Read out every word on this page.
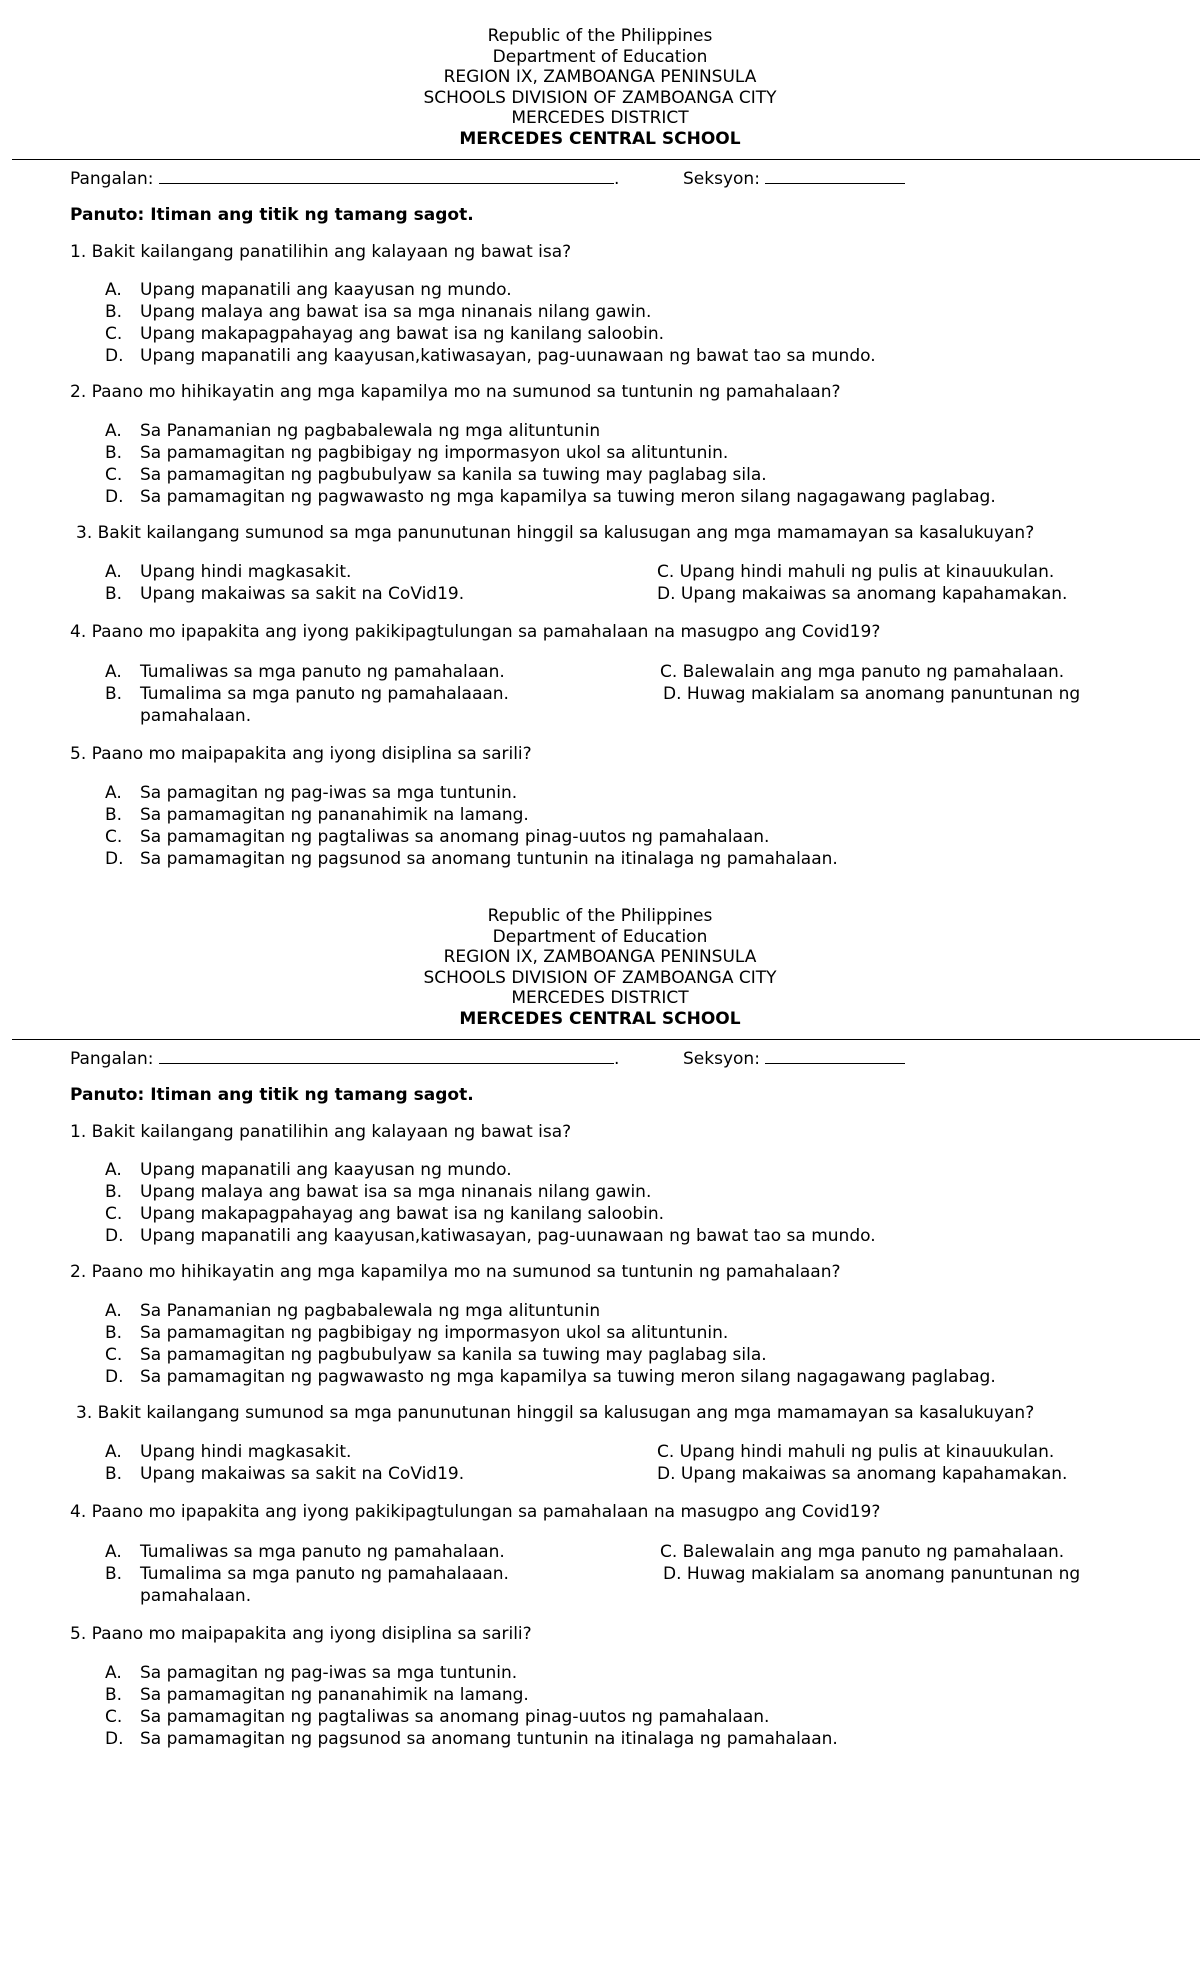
Republic of the Philippines
Department of Education
REGION IX, ZAMBOANGA PENINSULA
SCHOOLS DIVISION OF ZAMBOANGA CITY
MERCEDES DISTRICT
MERCEDES CENTRAL SCHOOL
Pangalan:	.	Seksyon:
Panuto: Itiman ang titik ng tamang sagot.
1. Bakit kailangang panatilihin ang kalayaan ng bawat isa?
A. Upang mapanatili ang kaayusan ng mundo.
B. Upang malaya ang bawat isa sa mga ninanais nilang gawin.
C. Upang makapagpahayag ang bawat isa ng kanilang saloobin.
D. Upang mapanatili ang kaayusan,katiwasayan, pag-uunawaan ng bawat tao sa mundo.
2. Paano mo hihikayatin ang mga kapamilya mo na sumunod sa tuntunin ng pamahalaan?
A. Sa Panamanian ng pagbabalewala ng mga alituntunin
B. Sa pamamagitan ng pagbibigay ng impormasyon ukol sa alituntunin.
C. Sa pamamagitan ng pagbubulyaw sa kanila sa tuwing may paglabag sila.
D. Sa pamamagitan ng pagwawasto ng mga kapamilya sa tuwing meron silang nagagawang paglabag.
3. Bakit kailangang sumunod sa mga panunutunan hinggil sa kalusugan ang mga mamamayan sa kasalukuyan?
A. Upang hindi magkasakit.
B. Upang makaiwas sa sakit na CoVid19.
C. Upang hindi mahuli ng pulis at kinauukulan.
D. Upang makaiwas sa anomang kapahamakan.
4. Paano mo ipapakita ang iyong pakikipagtulungan sa pamahalaan na masugpo ang Covid19?
A. Tumaliwas sa mga panuto ng pamahalaan.
B. Tumalima sa mga panuto ng pamahalaaan.
pamahalaan.
C. Balewalain ang mga panuto ng pamahalaan.
D. Huwag makialam sa anomang panuntunan ng
5. Paano mo maipapakita ang iyong disiplina sa sarili?
A. Sa pamagitan ng pag-iwas sa mga tuntunin.
B. Sa pamamagitan ng pananahimik na lamang.
C. Sa pamamagitan ng pagtaliwas sa anomang pinag-uutos ng pamahalaan.
D. Sa pamamagitan ng pagsunod sa anomang tuntunin na itinalaga ng pamahalaan.
Republic of the Philippines
Department of Education
REGION IX, ZAMBOANGA PENINSULA
SCHOOLS DIVISION OF ZAMBOANGA CITY
MERCEDES DISTRICT
MERCEDES CENTRAL SCHOOL
Pangalan:	.	Seksyon:
Panuto: Itiman ang titik ng tamang sagot.
1. Bakit kailangang panatilihin ang kalayaan ng bawat isa?
A. Upang mapanatili ang kaayusan ng mundo.
B. Upang malaya ang bawat isa sa mga ninanais nilang gawin.
C. Upang makapagpahayag ang bawat isa ng kanilang saloobin.
D. Upang mapanatili ang kaayusan,katiwasayan, pag-uunawaan ng bawat tao sa mundo.
2. Paano mo hihikayatin ang mga kapamilya mo na sumunod sa tuntunin ng pamahalaan?
A. Sa Panamanian ng pagbabalewala ng mga alituntunin
B. Sa pamamagitan ng pagbibigay ng impormasyon ukol sa alituntunin.
C. Sa pamamagitan ng pagbubulyaw sa kanila sa tuwing may paglabag sila.
D. Sa pamamagitan ng pagwawasto ng mga kapamilya sa tuwing meron silang nagagawang paglabag.
3. Bakit kailangang sumunod sa mga panunutunan hinggil sa kalusugan ang mga mamamayan sa kasalukuyan?
A. Upang hindi magkasakit.
B. Upang makaiwas sa sakit na CoVid19.
C. Upang hindi mahuli ng pulis at kinauukulan.
D. Upang makaiwas sa anomang kapahamakan.
4. Paano mo ipapakita ang iyong pakikipagtulungan sa pamahalaan na masugpo ang Covid19?
A. Tumaliwas sa mga panuto ng pamahalaan.
B. Tumalima sa mga panuto ng pamahalaaan.
pamahalaan.
C. Balewalain ang mga panuto ng pamahalaan.
D. Huwag makialam sa anomang panuntunan ng
5. Paano mo maipapakita ang iyong disiplina sa sarili?
A. Sa pamagitan ng pag-iwas sa mga tuntunin.
B. Sa pamamagitan ng pananahimik na lamang.
C. Sa pamamagitan ng pagtaliwas sa anomang pinag-uutos ng pamahalaan.
D. Sa pamamagitan ng pagsunod sa anomang tuntunin na itinalaga ng pamahalaan.
